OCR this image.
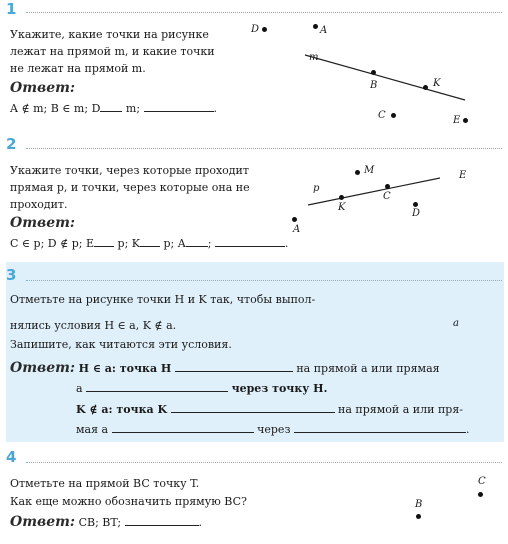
1
Укажите, какие точки на рисунке
лежат на прямой m, и какие точки
не лежат на прямой m.
Ответ:
A ∉ m; B ∈ m; D m;	.
D	A
m
B	K
C	E
2
Укажите точки, через которые проходит
прямая p, и точки, через которые она не
проходит.
Ответ:
C ∈ p; D ∉ p; E p; K p; A ;	.
M	E
p
C
K
D
A
3
Отметьте на рисунке точки H и K так, чтобы выпол-
нялись условия H ∈ a, K ∉ a.
Запишите, как читаются эти условия.
a
Ответ: H ∈ a: точка H	на прямой a или прямая
a	через точку H.
K ∉ a: точка K	на прямой a или пря-
мая a	через	.
4
Отметьте на прямой BC точку T.
Как еще можно обозначить прямую BC?
Ответ: CB; BT;	.
C
B
